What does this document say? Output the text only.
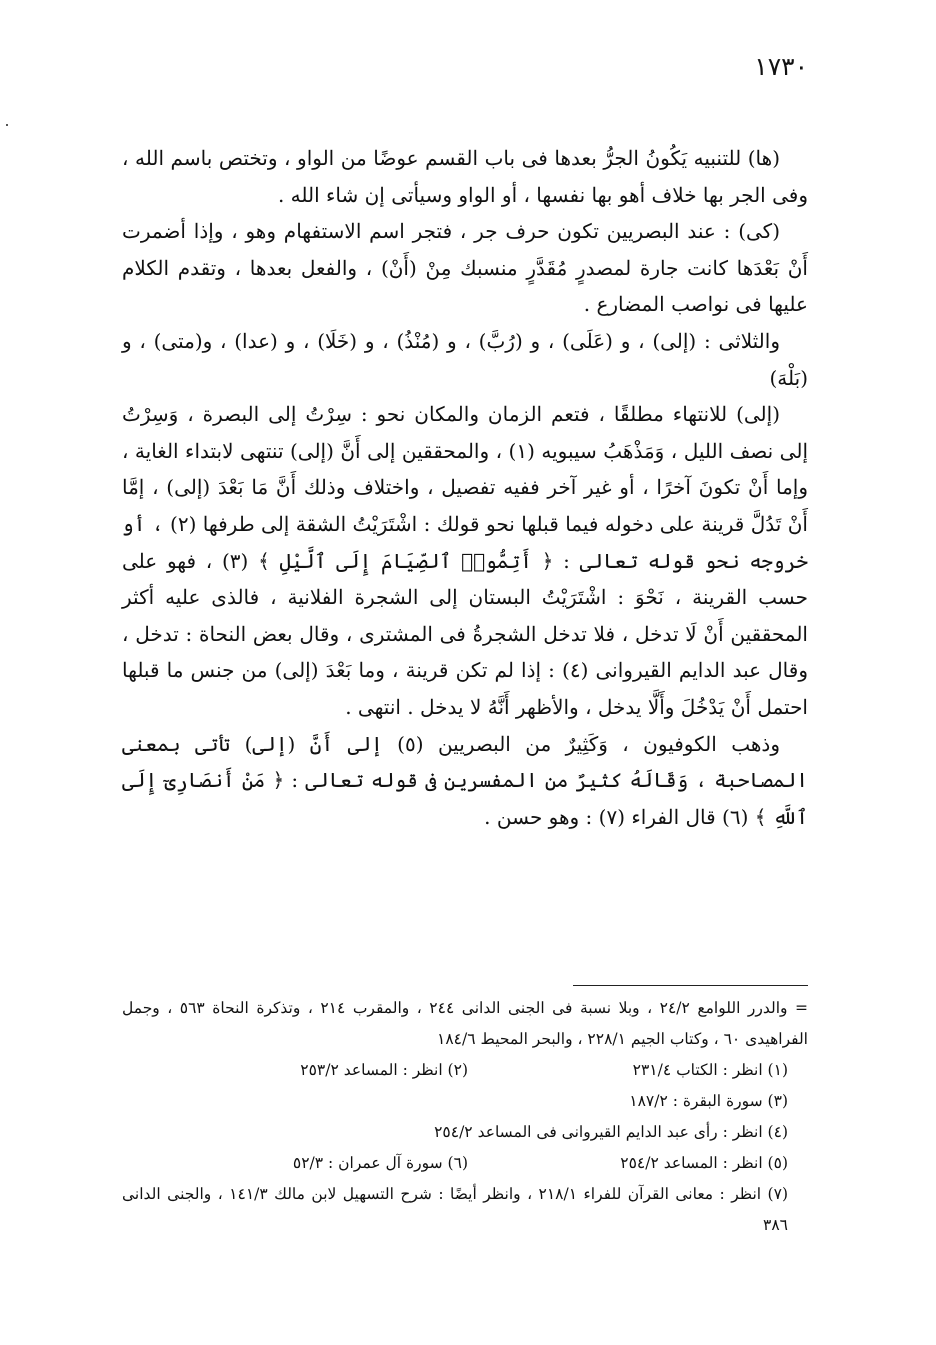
١٧٣٠

(ها) للتنبيه يَكُونُ الجرُّ بعدها فى باب القسم عوضًا من الواو ، وتختص باسم الله ، وفى الجر بها خلاف أهو بها نفسها ، أو الواو وسيأتى إن شاء الله .

(كى) : عند البصريين تكون حرف جر ، فتجر اسم الاستفهام وهو ، وإذا أضمرت أَنْ بَعْدَها كانت جارة لمصدرٍ مُقَدَّرٍ منسبك مِنْ (أَنْ) ، والفعل بعدها ، وتقدم الكلام عليها فى نواصب المضارع .

والثلاثى : (إلى) ، و (عَلَى) ، و (رُبَّ) ، و (مُنْذُ) ، و (خَلَا) ، و (عدا) ، و(متى) ، و (بَلْهَ)

(إلى) للانتهاء مطلقًا ، فتعم الزمان والمكان نحو : سِرْتُ إلى البصرة ، وَسِرْتُ إلى نصف الليل ، وَمَذْهَبُ سيبويه (١) ، والمحققين إلى أَنَّ (إلى) تنتهى لابتداء الغاية ، وإما أَنْ تكونَ آخرًا ، أو غير آخر ففيه تفصيل ، واختلاف وذلك أَنَّ مَا بَعْدَ (إلى) ، إمَّا أَنْ تَدُلَّ قرينة على دخوله فيما قبلها نحو قولك : اشْتَرَيْتُ الشقة إلى طرفها (٢) ، أو خروجه نحو قوله تعالى : ﴿ أَتِمُّوا۟ ٱلصِّيَامَ إِلَى ٱلَّيْلِ ﴾ (٣) ، فهو على حسب القرينة ، نَحْوَ : اشْتَرَيْتُ البستان إلى الشجرة الفلانية ، فالذى عليه أكثر المحققين أَنْ لَا تدخل ، فلا تدخل الشجرةُ فى المشترى ، وقال بعض النحاة : تدخل ، وقال عبد الدايم القيروانى (٤) : إذا لم تكن قرينة ، وما بَعْدَ (إلى) من جنس ما قبلها احتمل أَنْ يَدْخُلَ وأَلَّا يدخل ، والأظهر أَنَّهُ لا يدخل . انتهى .

وذهب الكوفيون ، وَكَثِيرٌ من البصريين (٥) إلى أَنَّ (إلى) تأتى بمعنى المصاحبة ، وَقَالَهُ كثيرٌ من المفسرين فى قوله تعالى : ﴿ مَنْ أَنصَارِىٓ إِلَى ٱللَّهِ ﴾ (٦) قال الفراء (٧) : وهو حسن .

= والدرر اللوامع ٢٤/٢ ، وبلا نسبة فى الجنى الدانى ٢٤٤ ، والمقرب ٢١٤ ، وتذكرة النحاة ٥٦٣ ، وجمل الفراهيدى ٦٠ ، وكتاب الجيم ٢٢٨/١ ، والبحر المحيط ١٨٤/٦

(١) انظر : الكتاب ٢٣١/٤
(٢) انظر : المساعد ٢٥٣/٢

(٣) سورة البقرة : ١٨٧/٢

(٤) انظر : رأى عبد الدايم القيروانى فى المساعد ٢٥٤/٢

(٥) انظر : المساعد ٢٥٤/٢
(٦) سورة آل عمران : ٥٢/٣

(٧) انظر : معانى القرآن للفراء ٢١٨/١ ، وانظر أيضًا : شرح التسهيل لابن مالك ١٤١/٣ ، والجنى الدانى ٣٨٦
